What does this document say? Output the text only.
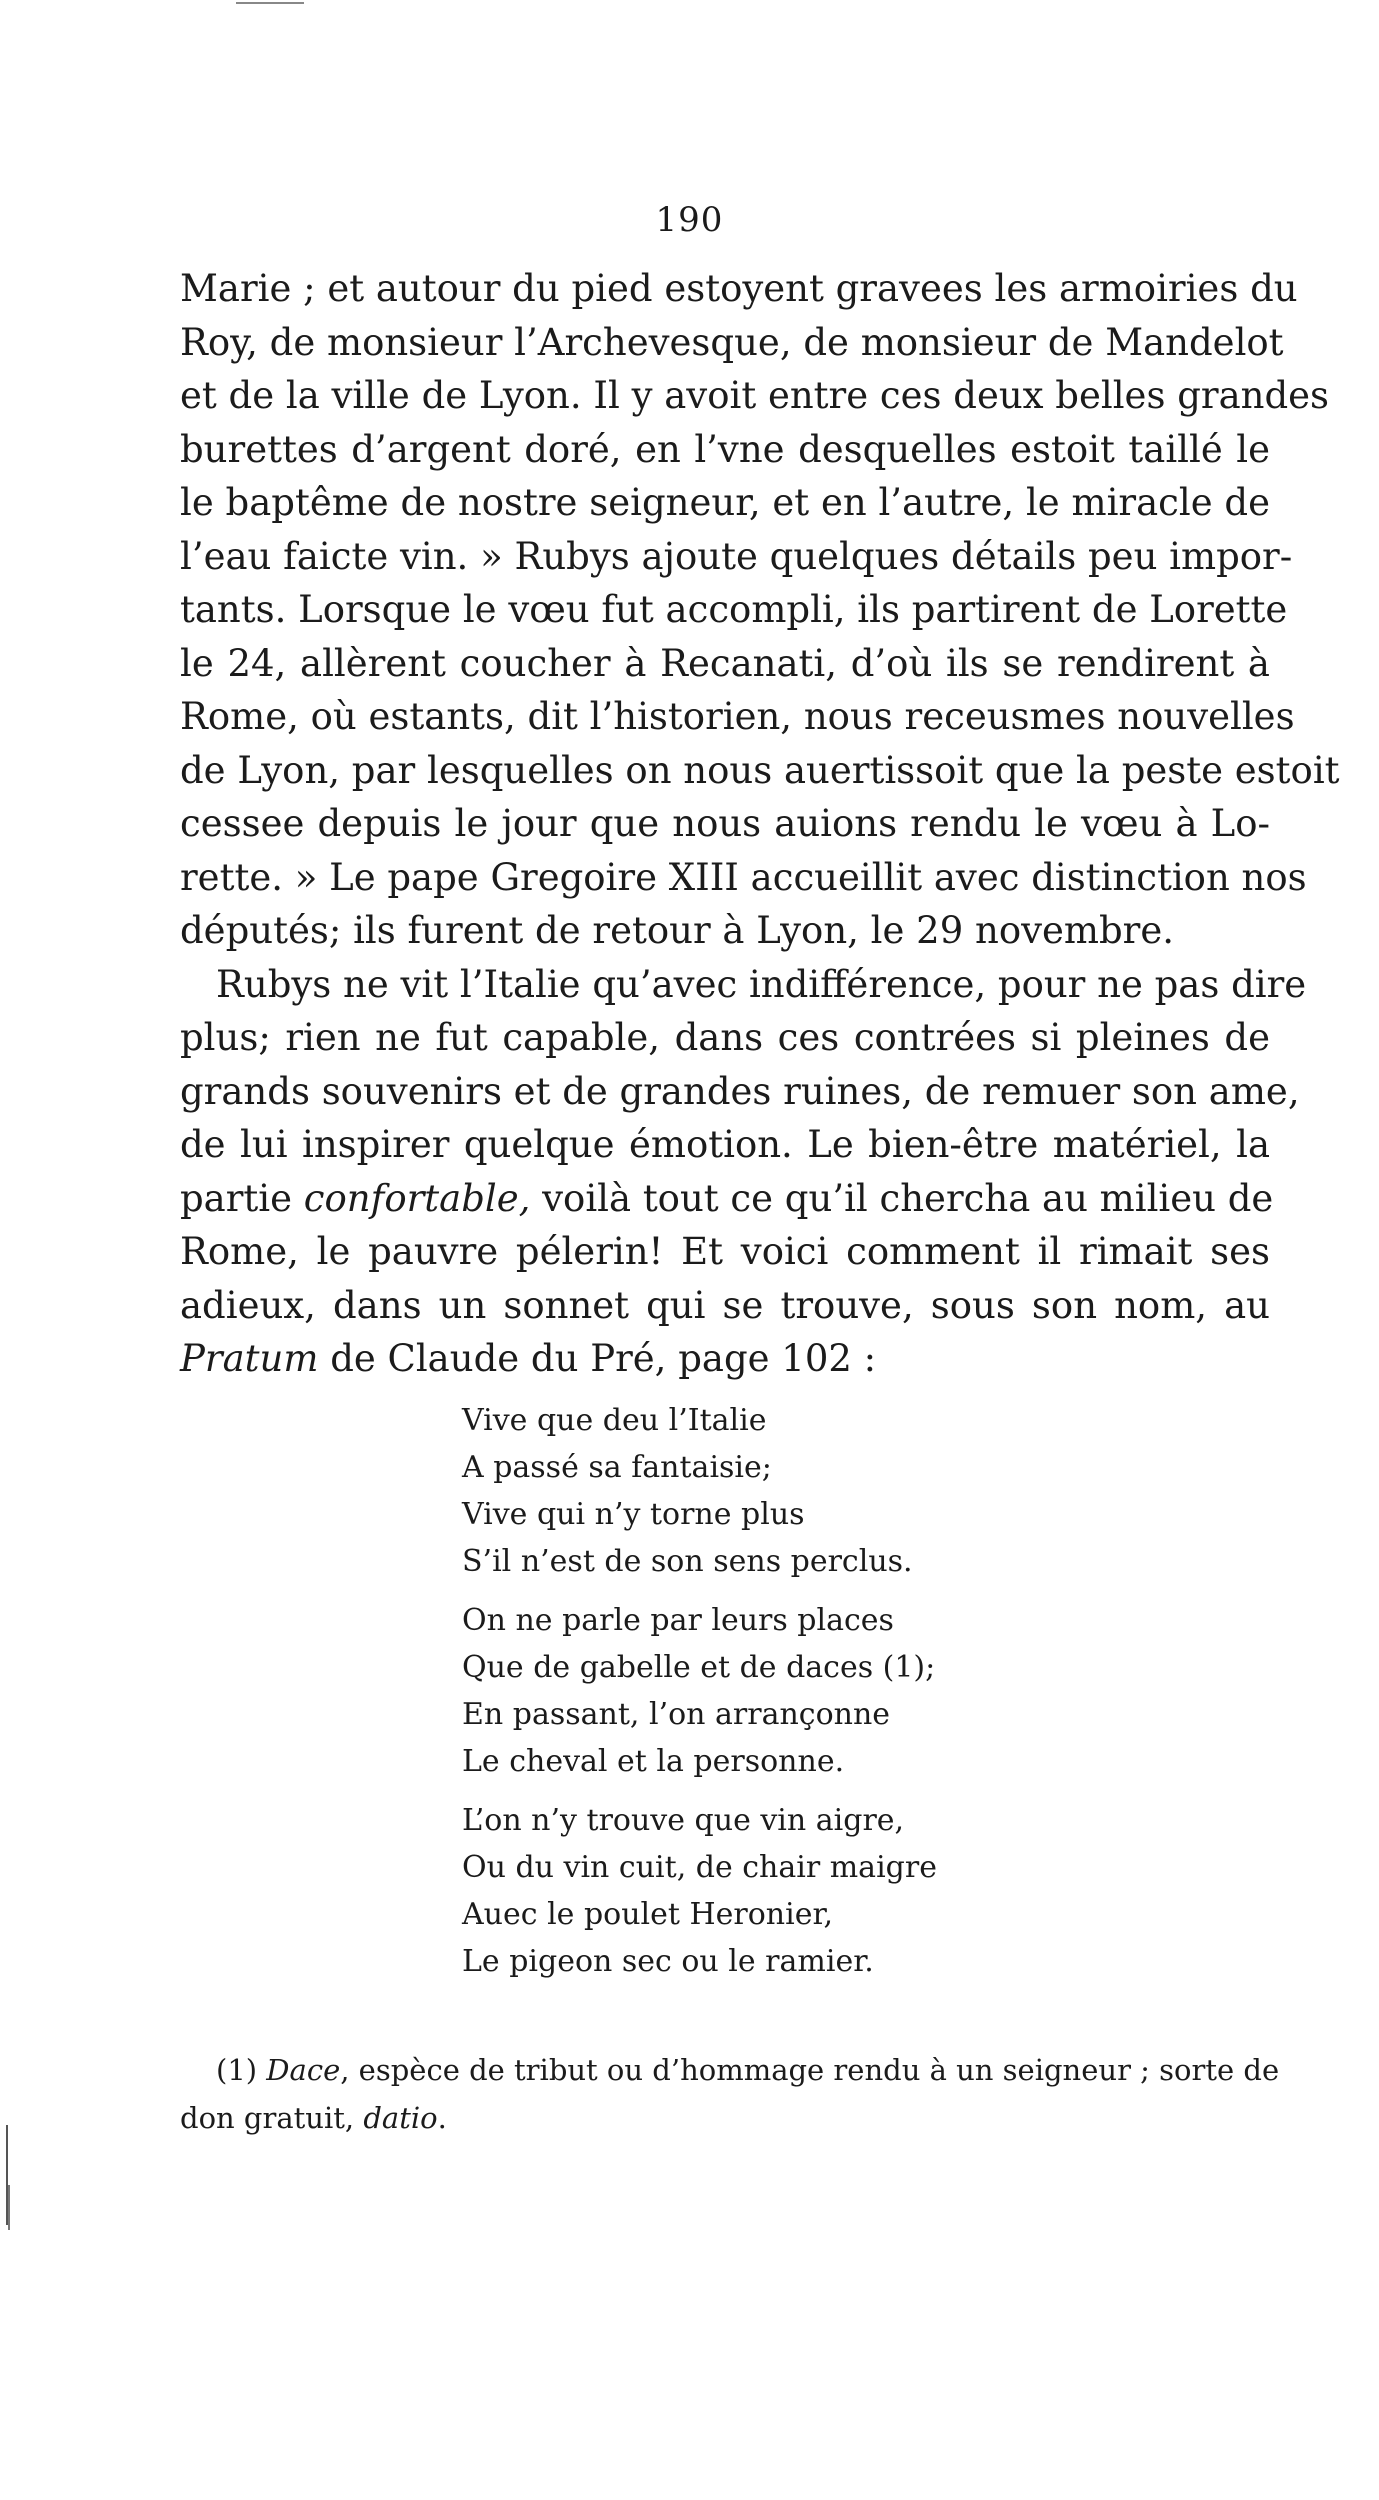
190
Marie ; et autour du pied estoyent gravees les armoiries du
Roy, de monsieur l’Archevesque, de monsieur de Mandelot
et de la ville de Lyon. Il y avoit entre ces deux belles grandes
burettes d’argent doré, en l’vne desquelles estoit taillé le
le baptême de nostre seigneur, et en l’autre, le miracle de
l’eau faicte vin. » Rubys ajoute quelques détails peu impor-
tants. Lorsque le vœu fut accompli, ils partirent de Lorette
le 24, allèrent coucher à Recanati, d’où ils se rendirent à
Rome, où estants, dit l’historien, nous receusmes nouvelles
de Lyon, par lesquelles on nous auertissoit que la peste estoit
cessee depuis le jour que nous auions rendu le vœu à Lo-
rette. » Le pape Gregoire XIII accueillit avec distinction nos
députés; ils furent de retour à Lyon, le 29 novembre.
Rubys ne vit l’Italie qu’avec indifférence, pour ne pas dire
plus; rien ne fut capable, dans ces contrées si pleines de
grands souvenirs et de grandes ruines, de remuer son ame,
de lui inspirer quelque émotion. Le bien-être matériel, la
partie confortable, voilà tout ce qu’il chercha au milieu de
Rome, le pauvre pélerin! Et voici comment il rimait ses
adieux, dans un sonnet qui se trouve, sous son nom, au
Pratum de Claude du Pré, page 102 :
Vive que deu l’Italie
A passé sa fantaisie;
Vive qui n’y torne plus
S’il n’est de son sens perclus.
On ne parle par leurs places
Que de gabelle et de daces (1);
En passant, l’on arrançonne
Le cheval et la personne.
L’on n’y trouve que vin aigre,
Ou du vin cuit, de chair maigre
Auec le poulet Heronier,
Le pigeon sec ou le ramier.
(1) Dace, espèce de tribut ou d’hommage rendu à un seigneur ; sorte de
don gratuit, datio.
